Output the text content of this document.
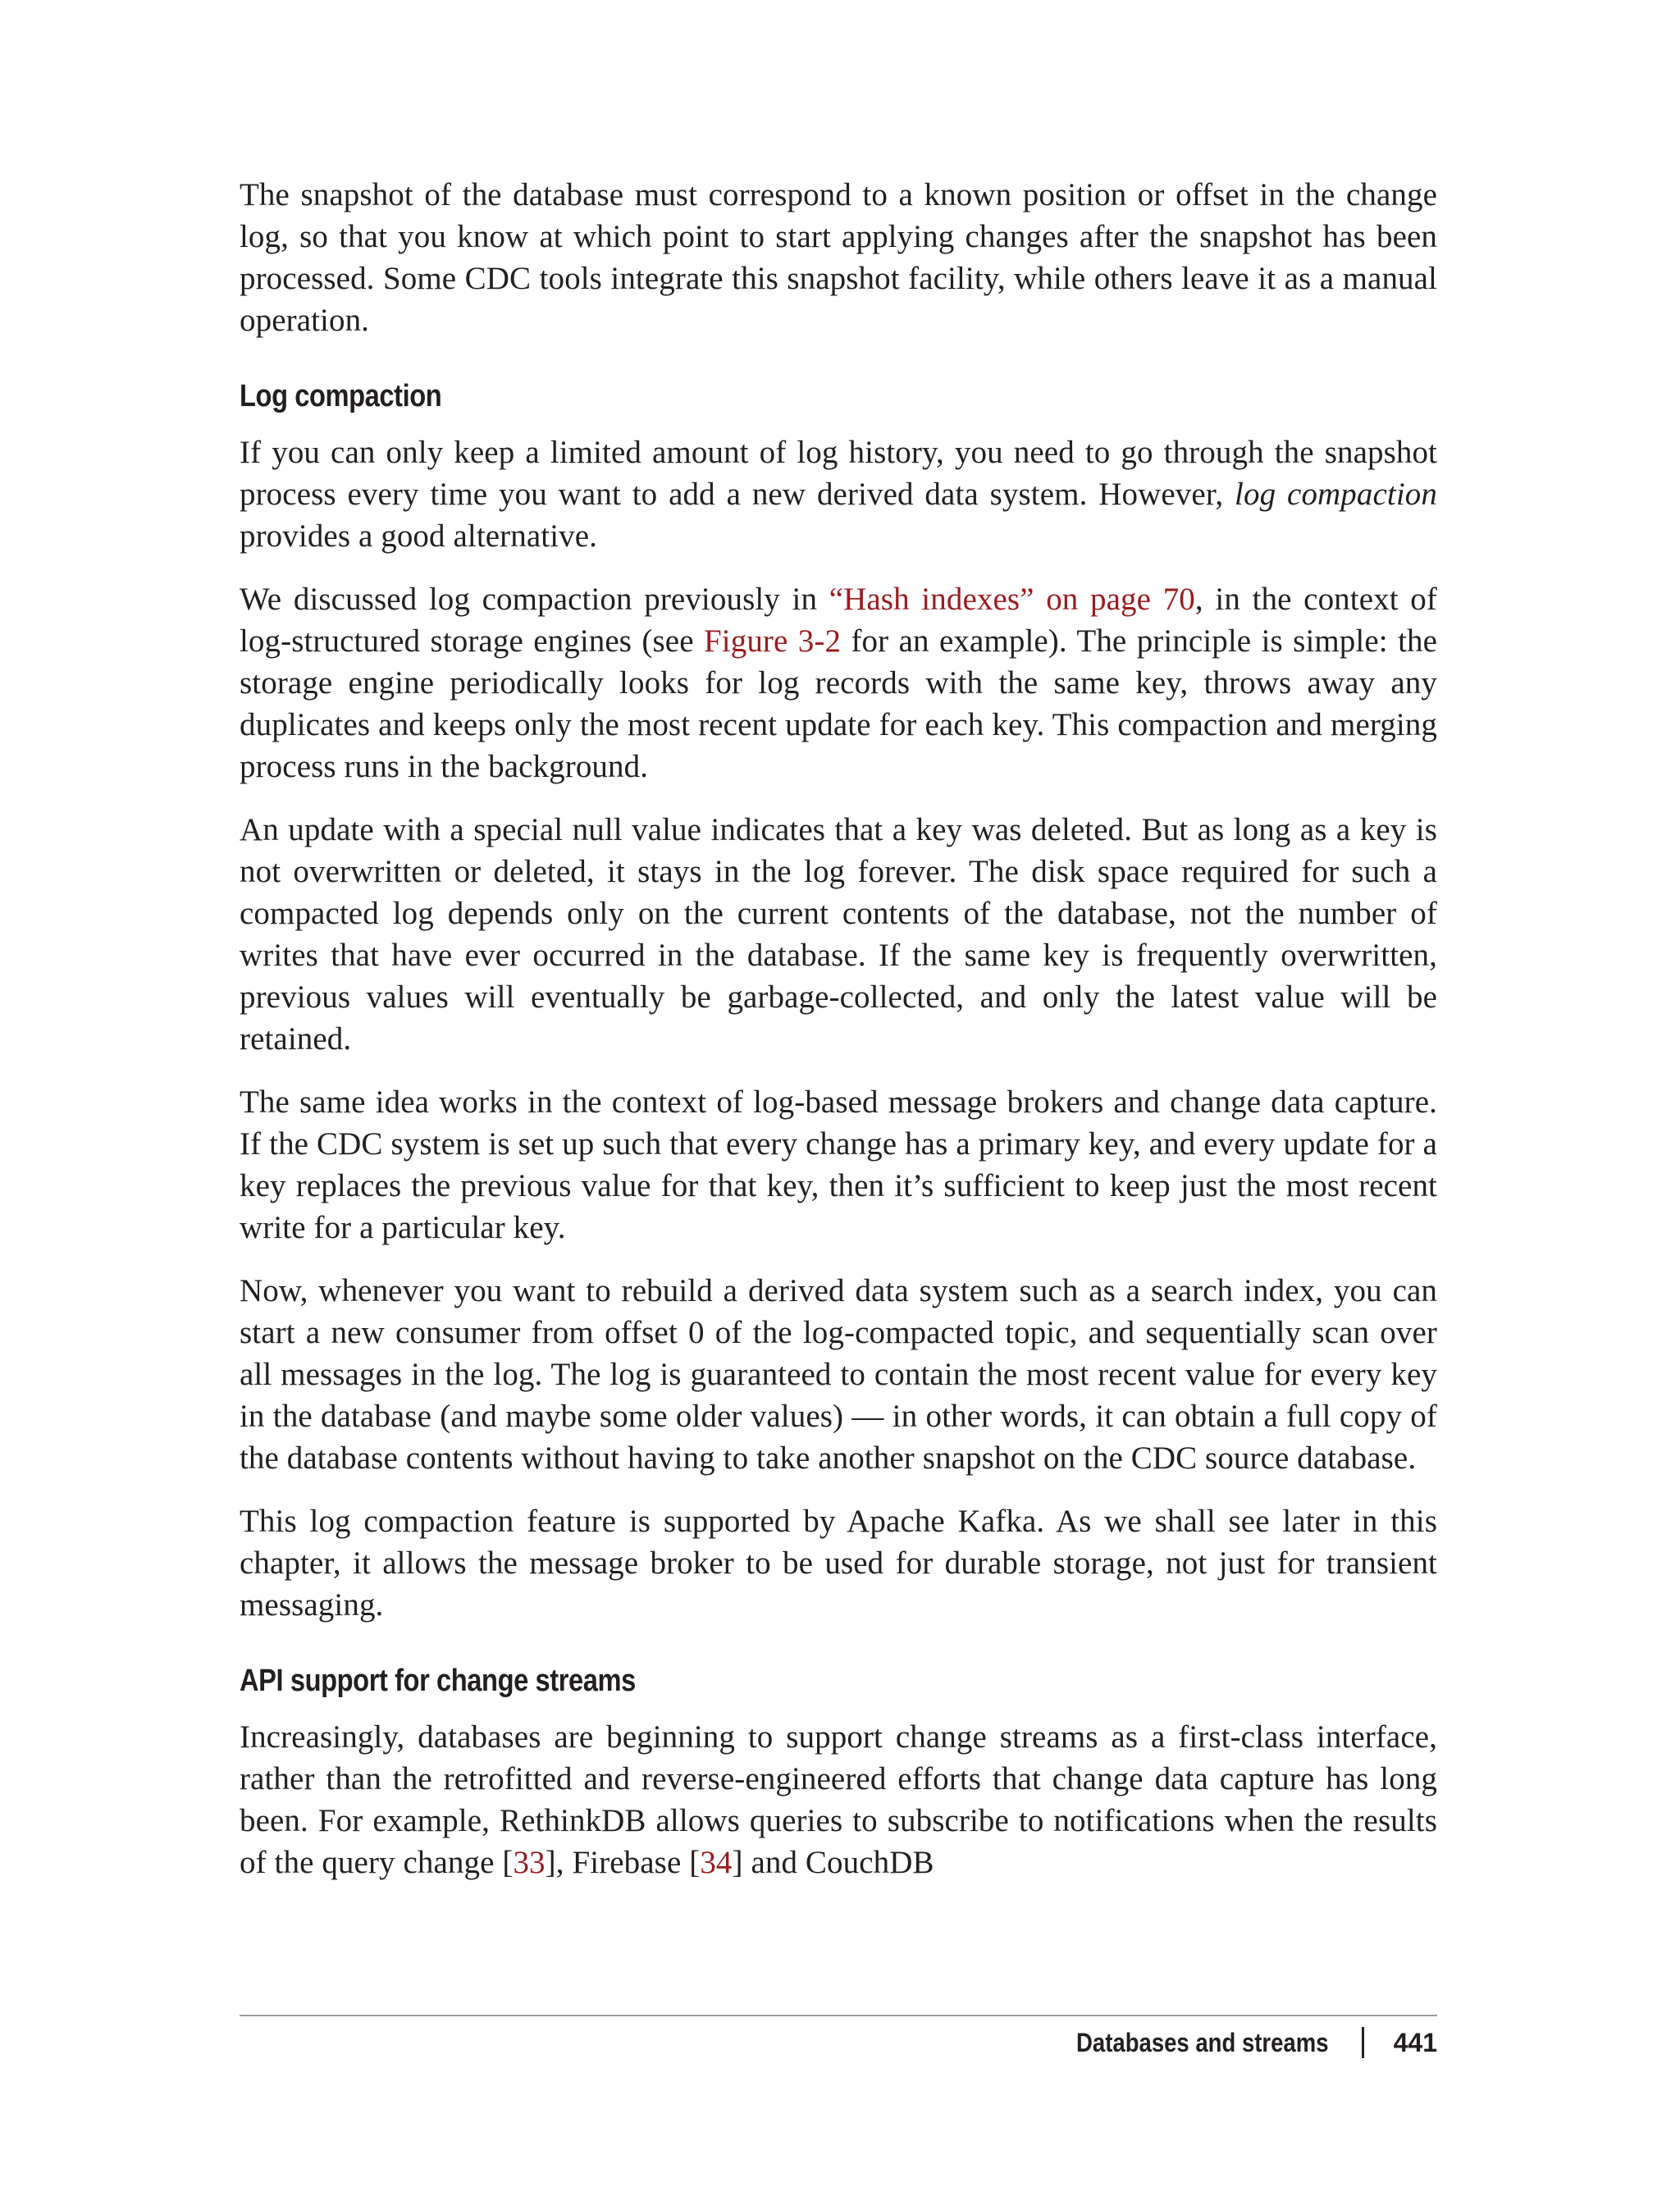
The snapshot of the database must correspond to a known position or offset in the change log, so that you know at which point to start applying changes after the snapshot has been processed. Some CDC tools integrate this snapshot facility, while others leave it as a manual operation.

Log compaction

If you can only keep a limited amount of log history, you need to go through the snapshot process every time you want to add a new derived data system. However, log compaction provides a good alternative.

We discussed log compaction previously in “Hash indexes” on page 70, in the context of log-structured storage engines (see Figure 3-2 for an example). The principle is simple: the storage engine periodically looks for log records with the same key, throws away any duplicates and keeps only the most recent update for each key. This compaction and merging process runs in the background.

An update with a special null value indicates that a key was deleted. But as long as a key is not overwritten or deleted, it stays in the log forever. The disk space required for such a compacted log depends only on the current contents of the database, not the number of writes that have ever occurred in the database. If the same key is frequently overwritten, previous values will eventually be garbage-collected, and only the latest value will be retained.

The same idea works in the context of log-based message brokers and change data capture. If the CDC system is set up such that every change has a primary key, and every update for a key replaces the previous value for that key, then it’s sufficient to keep just the most recent write for a particular key.

Now, whenever you want to rebuild a derived data system such as a search index, you can start a new consumer from offset 0 of the log-compacted topic, and sequentially scan over all messages in the log. The log is guaranteed to contain the most recent value for every key in the database (and maybe some older values) — in other words, it can obtain a full copy of the database contents without having to take another snapshot on the CDC source database.

This log compaction feature is supported by Apache Kafka. As we shall see later in this chapter, it allows the message broker to be used for durable storage, not just for transient messaging.

API support for change streams

Increasingly, databases are beginning to support change streams as a first-class interface, rather than the retrofitted and reverse-engineered efforts that change data capture has long been. For example, RethinkDB allows queries to subscribe to notifications when the results of the query change [33], Firebase [34] and CouchDB

Databases and streams 441
